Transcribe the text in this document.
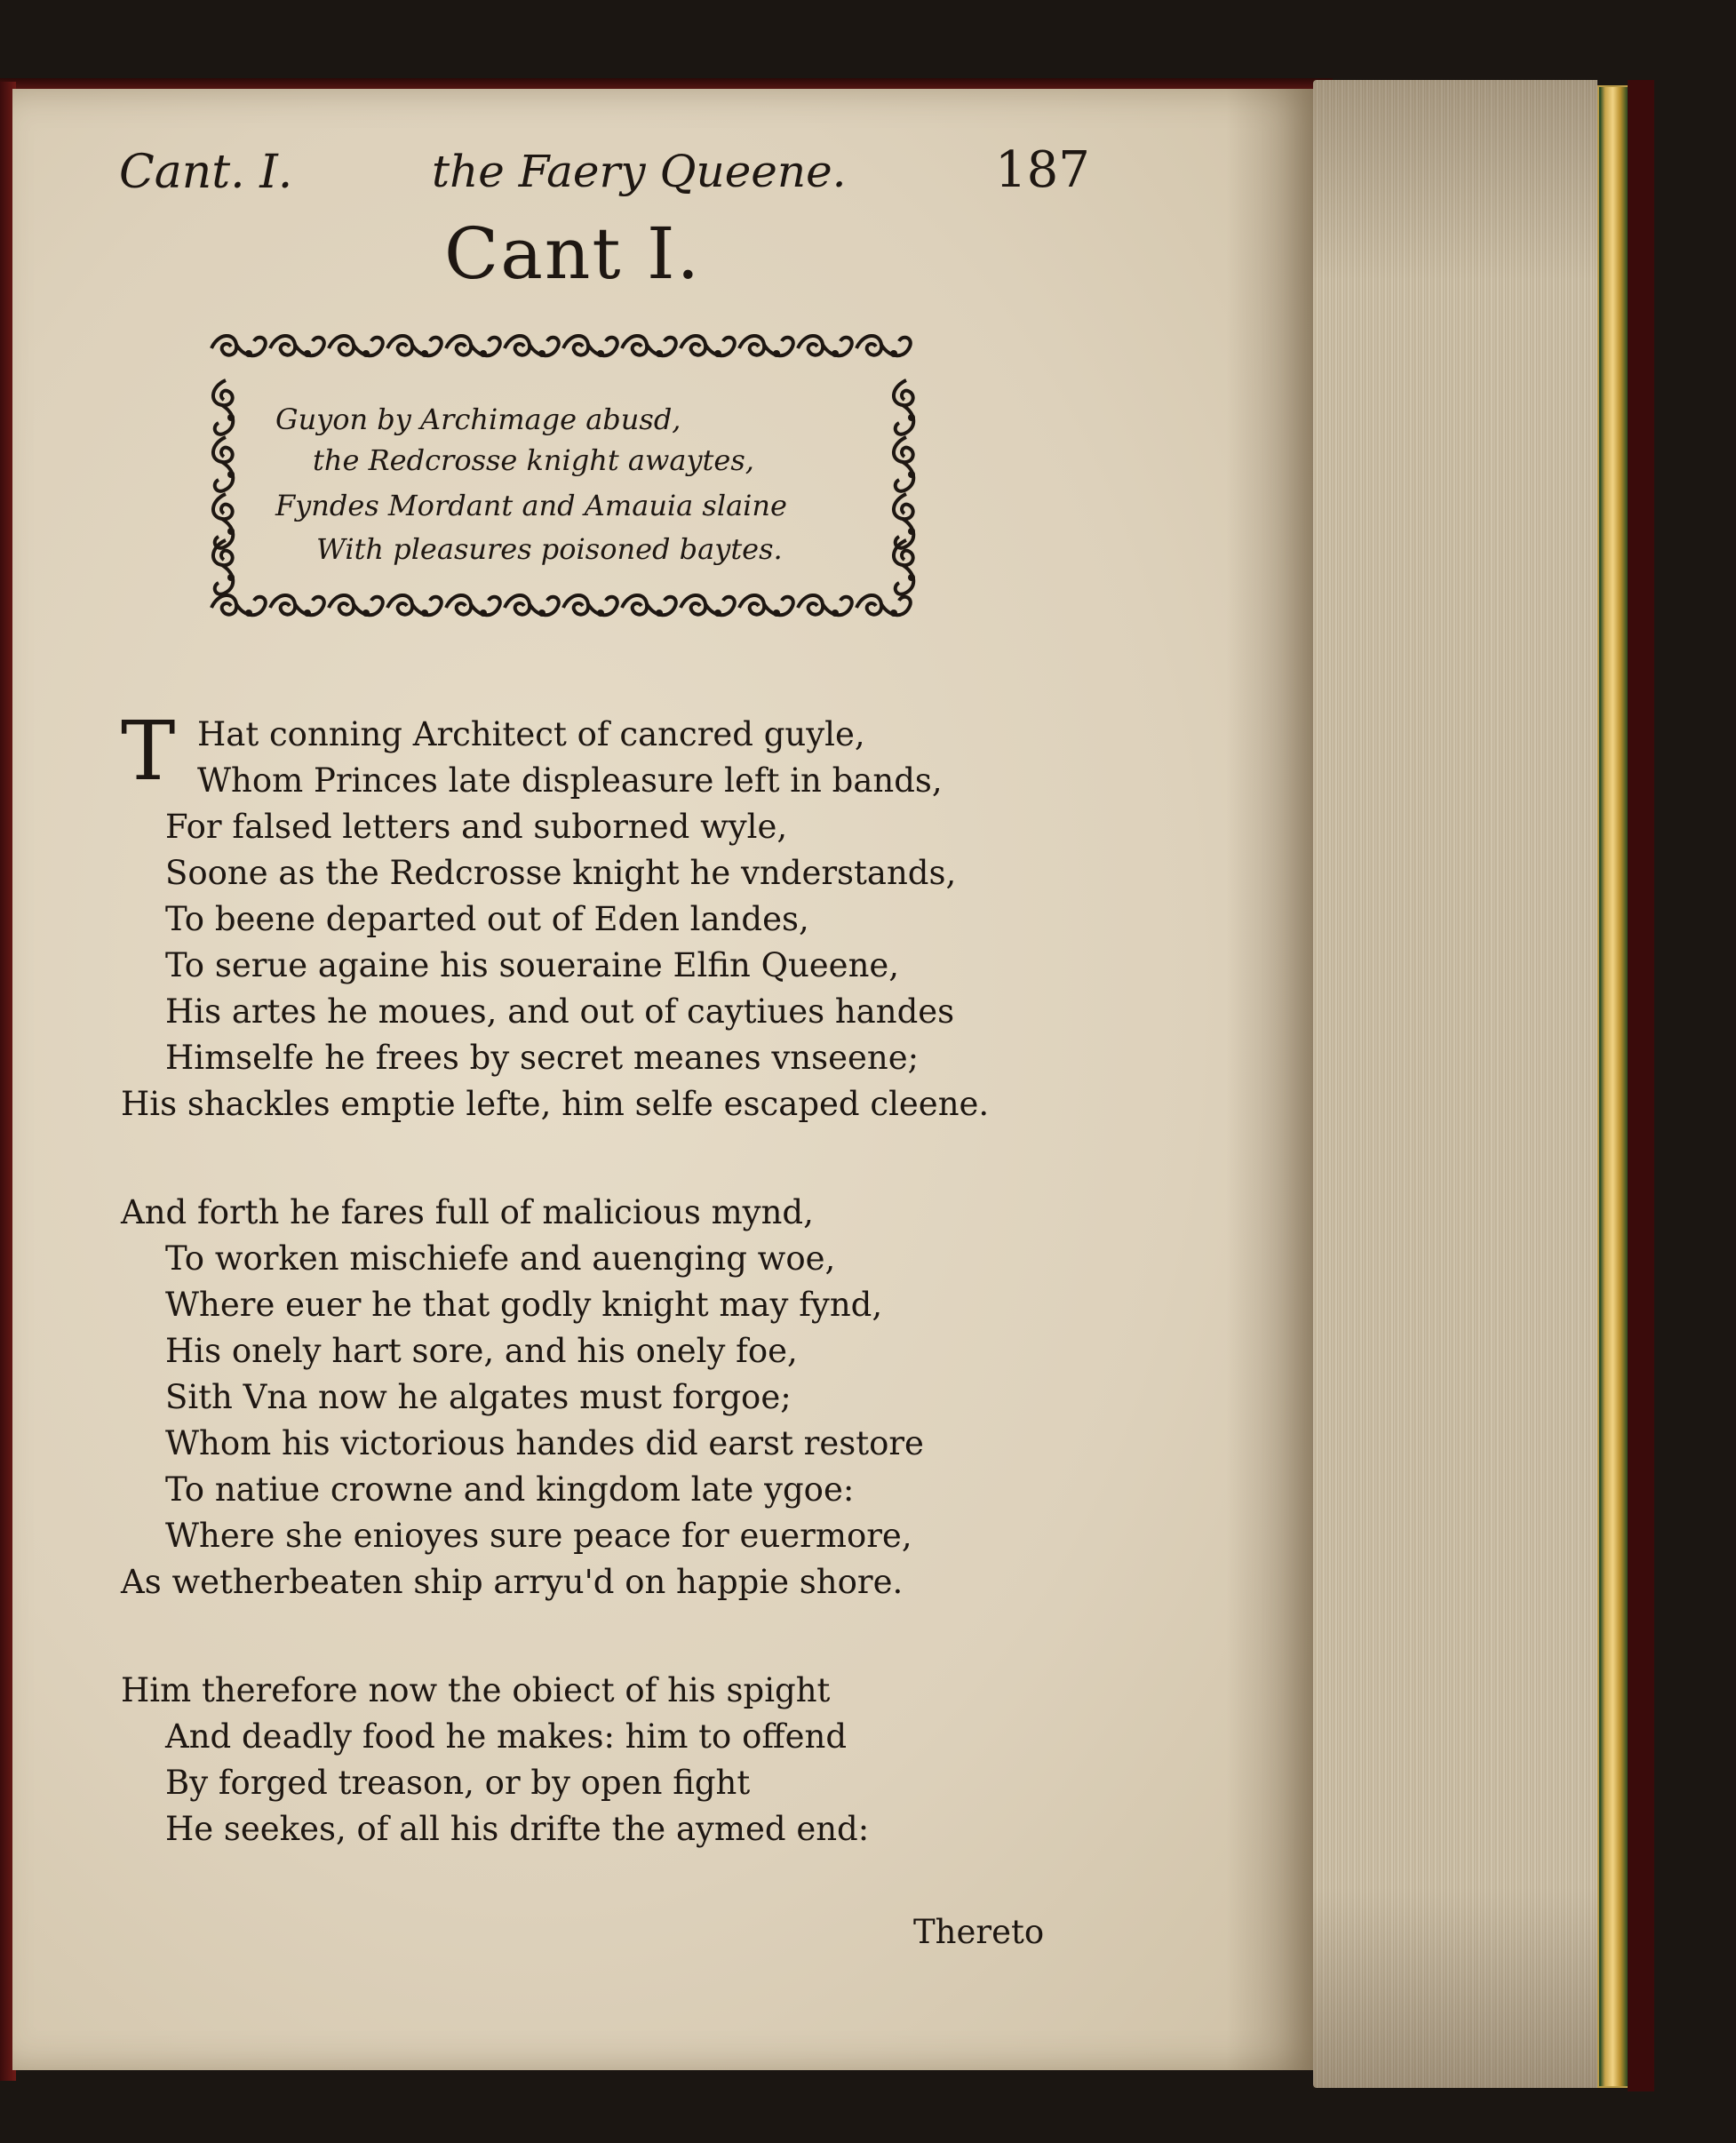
Cant. I.	the Faery Queene.	187
Cant I.
Guyon by Archimage abusd,
the Redcrosse knight awaytes,
Fyndes Mordant and Amauia slaine
With pleasures poisoned baytes.
T Hat conning Architect of cancred guyle,
Whom Princes late displeasure left in bands,
For falsed letters and suborned wyle,
Soone as the Redcrosse knight he vnderstands,
To beene departed out of Eden landes,
To serue againe his soueraine Elfin Queene,
His artes he moues, and out of caytiues handes
Himselfe he frees by secret meanes vnseene;
His shackles emptie lefte, him selfe escaped cleene.
And forth he fares full of malicious mynd,
To worken mischiefe and auenging woe,
Where euer he that godly knight may fynd,
His onely hart sore, and his onely foe,
Sith Vna now he algates must forgoe;
Whom his victorious handes did earst restore
To natiue crowne and kingdom late ygoe:
Where she enioyes sure peace for euermore,
As wetherbeaten ship arryu'd on happie shore.
Him therefore now the obiect of his spight
And deadly food he makes: him to offend
By forged treason, or by open fight
He seekes, of all his drifte the aymed end:
Thereto
